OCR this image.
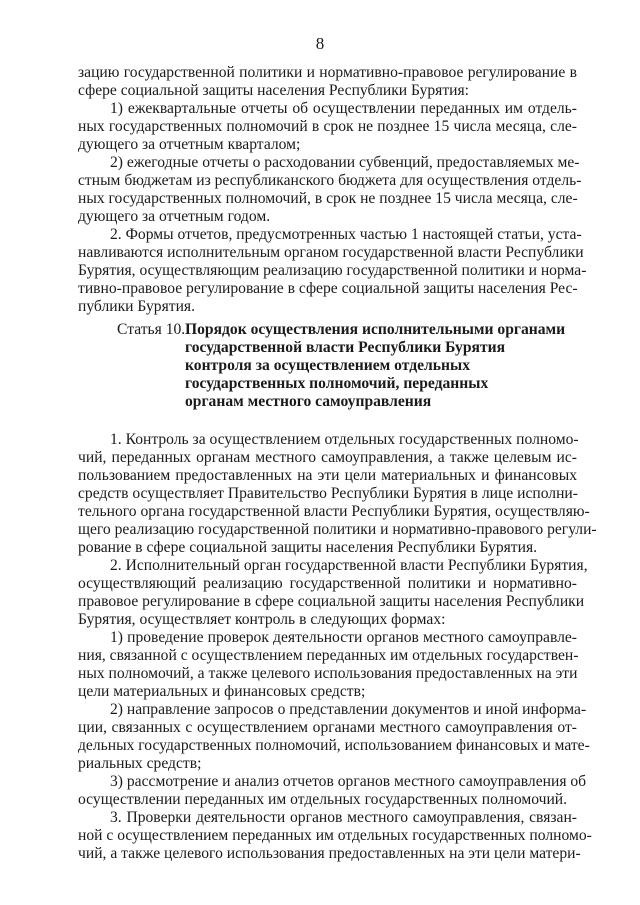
8
зацию государственной политики и нормативно-правовое регулирование в
сфере социальной защиты населения Республики Бурятия:
1) ежеквартальные отчеты об осуществлении переданных им отдель-
ных государственных полномочий в срок не позднее 15 числа месяца, сле-
дующего за отчетным кварталом;
2) ежегодные отчеты о расходовании субвенций, предоставляемых ме-
стным бюджетам из республиканского бюджета для осуществления отдель-
ных государственных полномочий, в срок не позднее 15 числа месяца, сле-
дующего за отчетным годом.
2. Формы отчетов, предусмотренных частью 1 настоящей статьи, уста-
навливаются исполнительным органом государственной власти Республики
Бурятия, осуществляющим реализацию государственной политики и норма-
тивно-правовое регулирование в сфере социальной защиты населения Рес-
публики Бурятия.
Статья 10. Порядок осуществления исполнительными органами
государственной власти Республики Бурятия
контроля за осуществлением отдельных
государственных полномочий, переданных
органам местного самоуправления
1. Контроль за осуществлением отдельных государственных полномо-
чий, переданных органам местного самоуправления, а также целевым ис-
пользованием предоставленных на эти цели материальных и финансовых
средств осуществляет Правительство Республики Бурятия в лице исполни-
тельного органа государственной власти Республики Бурятия, осуществляю-
щего реализацию государственной политики и нормативно-правового регули-
рование в сфере социальной защиты населения Республики Бурятия.
2. Исполнительный орган государственной власти Республики Бурятия,
осуществляющий реализацию государственной политики и нормативно-
правовое регулирование в сфере социальной защиты населения Республики
Бурятия, осуществляет контроль в следующих формах:
1) проведение проверок деятельности органов местного самоуправле-
ния, связанной с осуществлением переданных им отдельных государствен-
ных полномочий, а также целевого использования предоставленных на эти
цели материальных и финансовых средств;
2) направление запросов о представлении документов и иной информа-
ции, связанных с осуществлением органами местного самоуправления от-
дельных государственных полномочий, использованием финансовых и мате-
риальных средств;
3) рассмотрение и анализ отчетов органов местного самоуправления об
осуществлении переданных им отдельных государственных полномочий.
3. Проверки деятельности органов местного самоуправления, связан-
ной с осуществлением переданных им отдельных государственных полномо-
чий, а также целевого использования предоставленных на эти цели матери-
